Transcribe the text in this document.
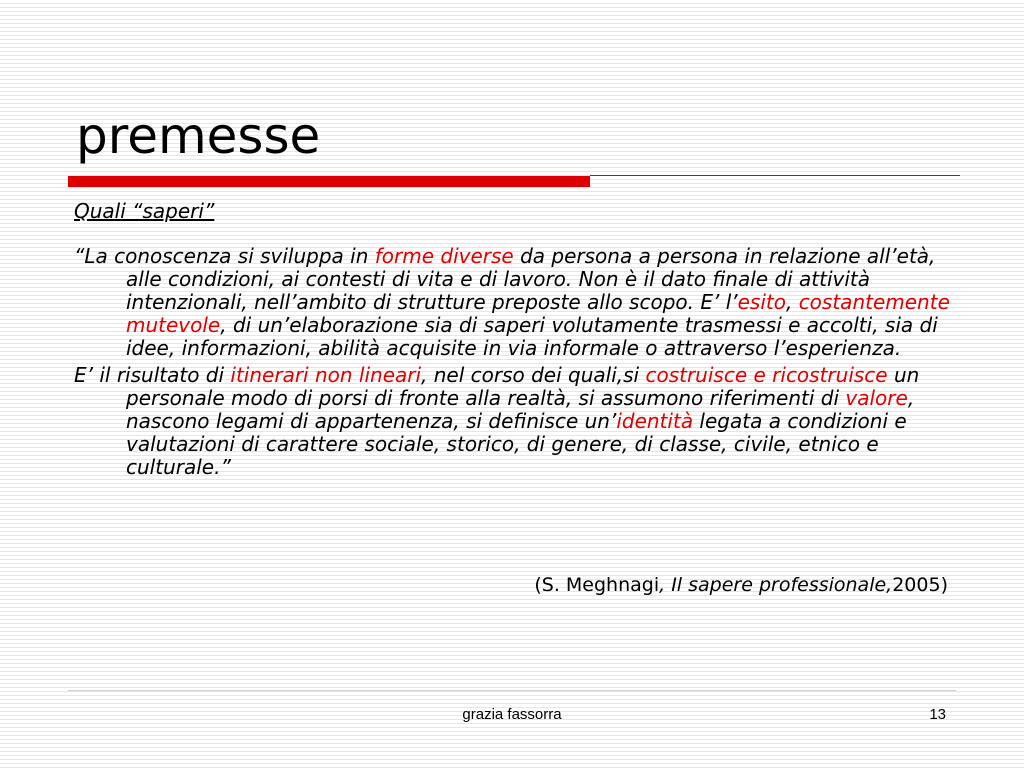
premesse

Quali “saperi”

“La conoscenza si sviluppa in forme diverse da persona a persona in relazione all’età, alle condizioni, ai contesti di vita e di lavoro. Non è il dato finale di attività intenzionali, nell’ambito di strutture preposte allo scopo. E’ l’esito, costantemente mutevole, di un’elaborazione sia di saperi volutamente trasmessi e accolti, sia di idee, informazioni, abilità acquisite in via informale o attraverso l’esperienza.

E’ il risultato di itinerari non lineari, nel corso dei quali,si costruisce e ricostruisce un personale modo di porsi di fronte alla realtà, si assumono riferimenti di valore, nascono legami di appartenenza, si definisce un’identità legata a condizioni e valutazioni di carattere sociale, storico, di genere, di classe, civile, etnico e culturale.”

(S. Meghnagi, Il sapere professionale,2005)
grazia fassorra	13
